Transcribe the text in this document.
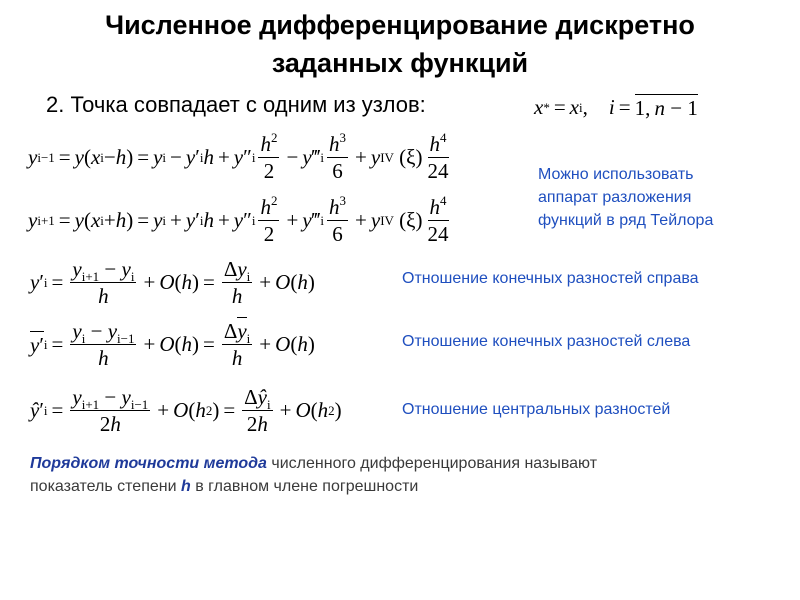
Численное дифференцирование дискретно
заданных функций
2. Точка совпадает с одним из узлов:	x * = x i , i = 1, n − 1
y i−1 = y ( x i − h ) = y i − y ′ i h + y ″ i $\frac{h^2}{2} - y$ ‴ i $\frac{h^3}{6} + y$ IV $(\xi) \frac{h^4}{24}$
y i+1 = y ( x i + h ) = y i + y ′ i h + y ″ i $\frac{h^2}{2} + y$ ‴ i $\frac{h^3}{6} + y$ IV $(\xi) \frac{h^4}{24}$
Можно использовать
аппарат разложения
функций в ряд Тейлора
y ′ $i = \frac{y_{i+1} - y_i}{h} + O$ ( h ) = $\frac{\Delta y_i}{h} + O$ ( h )	Отношение конечных разностей справа
y′ $i = \frac{y_i - y_{i-1}}{h} + O$ ( h ) = $\frac{\Delta y_i}{h} + O$ ( h )	Отношение конечных разностей слева
ŷ ′ $i = \frac{y_{i+1} - y_{i-1}}{2h} + O$ ( h 2 ) = $\frac{\Delta ŷ_i}{2h} + O$ ( h 2 )	Отношение центральных разностей
Порядком точности метода численного дифференцирования называют
показатель степени h в главном члене погрешности
